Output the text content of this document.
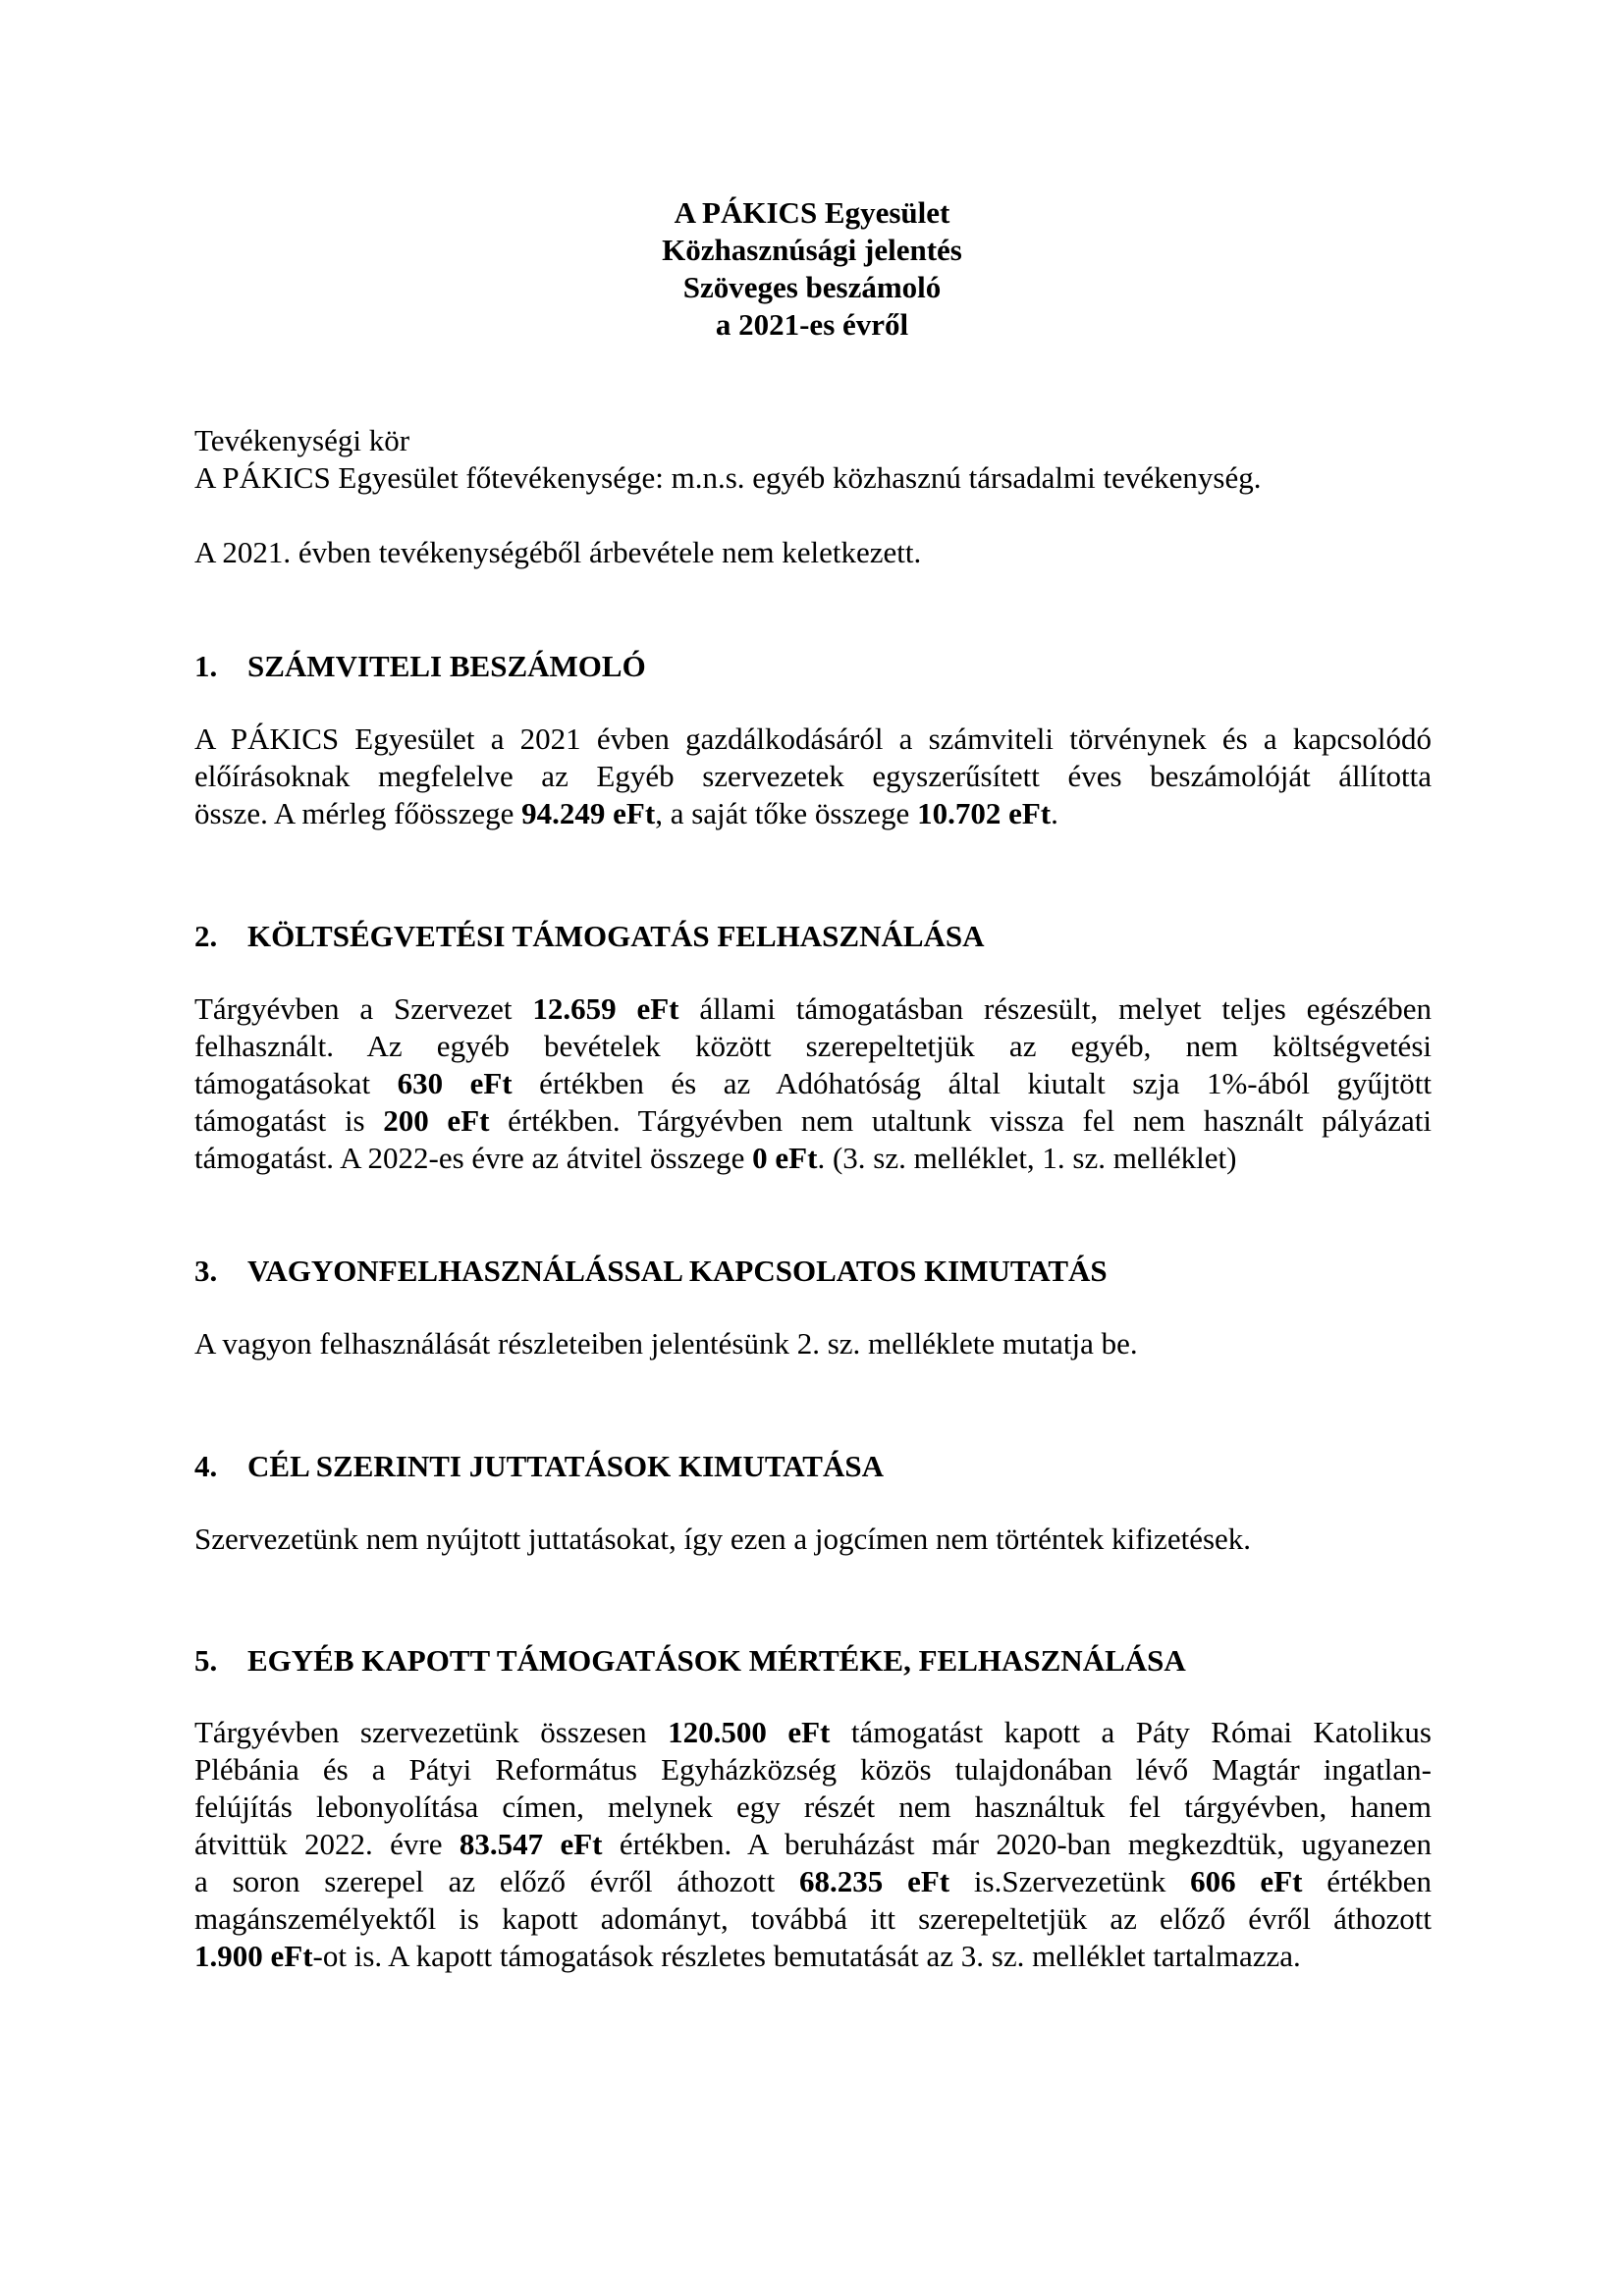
A PÁKICS Egyesület
Közhasznúsági jelentés
Szöveges beszámoló
a 2021-es évről

Tevékenységi kör

A PÁKICS Egyesület főtevékenysége: m.n.s. egyéb közhasznú társadalmi tevékenység.

A 2021. évben tevékenységéből árbevétele nem keletkezett.

1. SZÁMVITELI BESZÁMOLÓ
A PÁKICS Egyesület a 2021 évben gazdálkodásáról a számviteli törvénynek és a kapcsolódó
előírásoknak megfelelve az Egyéb szervezetek egyszerűsített éves beszámolóját állította
össze. A mérleg főösszege 94.249 eFt, a saját tőke összege 10.702 eFt.
2. KÖLTSÉGVETÉSI TÁMOGATÁS FELHASZNÁLÁSA
Tárgyévben a Szervezet 12.659 eFt állami támogatásban részesült, melyet teljes egészében
felhasznált. Az egyéb bevételek között szerepeltetjük az egyéb, nem költségvetési
támogatásokat 630 eFt értékben és az Adóhatóság által kiutalt szja 1%-ából gyűjtött
támogatást is 200 eFt értékben. Tárgyévben nem utaltunk vissza fel nem használt pályázati
támogatást. A 2022-es évre az átvitel összege 0 eFt. (3. sz. melléklet, 1. sz. melléklet)
3. VAGYONFELHASZNÁLÁSSAL KAPCSOLATOS KIMUTATÁS

A vagyon felhasználását részleteiben jelentésünk 2. sz. melléklete mutatja be.

4. CÉL SZERINTI JUTTATÁSOK KIMUTATÁSA

Szervezetünk nem nyújtott juttatásokat, így ezen a jogcímen nem történtek kifizetések.

5. EGYÉB KAPOTT TÁMOGATÁSOK MÉRTÉKE, FELHASZNÁLÁSA
Tárgyévben szervezetünk összesen 120.500 eFt támogatást kapott a Páty Római Katolikus
Plébánia és a Pátyi Református Egyházközség közös tulajdonában lévő Magtár ingatlan-
felújítás lebonyolítása címen, melynek egy részét nem használtuk fel tárgyévben, hanem
átvittük 2022. évre 83.547 eFt értékben. A beruházást már 2020-ban megkezdtük, ugyanezen
a soron szerepel az előző évről áthozott 68.235 eFt is.Szervezetünk 606 eFt értékben
magánszemélyektől is kapott adományt, továbbá itt szerepeltetjük az előző évről áthozott
1.900 eFt-ot is. A kapott támogatások részletes bemutatását az 3. sz. melléklet tartalmazza.
